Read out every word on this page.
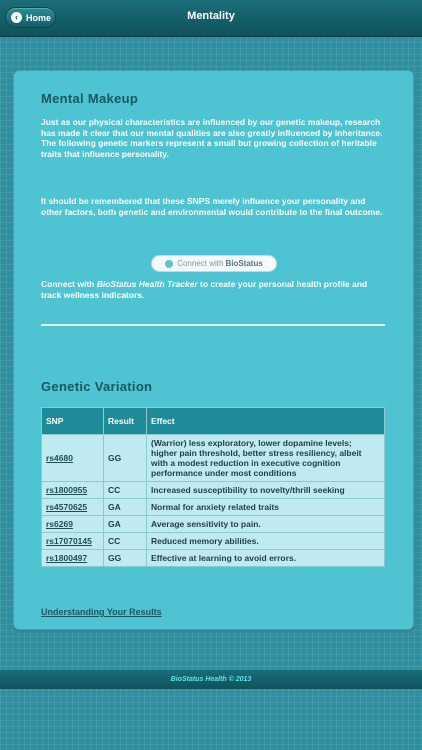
‹ Home	Mentality
Mental Makeup

Just as our physical characteristics are influenced by our genetic makeup, research has made it clear that our mental qualities are also greatly influenced by inheritance. The following genetic markers represent a small but growing collection of heritable traits that influence personality.

It should be remembered that these SNPS merely influence your personality and other factors, both genetic and environmental would contribute to the final outcome.

Connect with BioStatus

Connect with BioStatus Health Tracker to create your personal health profile and track wellness indicators.

Genetic Variation
SNP	Result	Effect
rs4680	GG	(Warrior) less exploratory, lower dopamine levels; higher pain threshold, better stress resiliency, albeit with a modest reduction in executive cognition performance under most conditions
rs1800955	CC	Increased susceptibility to novelty/thrill seeking
rs4570625	GA	Normal for anxiety related traits
rs6269	GA	Average sensitivity to pain.
rs17070145	CC	Reduced memory abilities.
rs1800497	GG	Effective at learning to avoid errors.
Understanding Your Results
BioStatus Health © 2013
